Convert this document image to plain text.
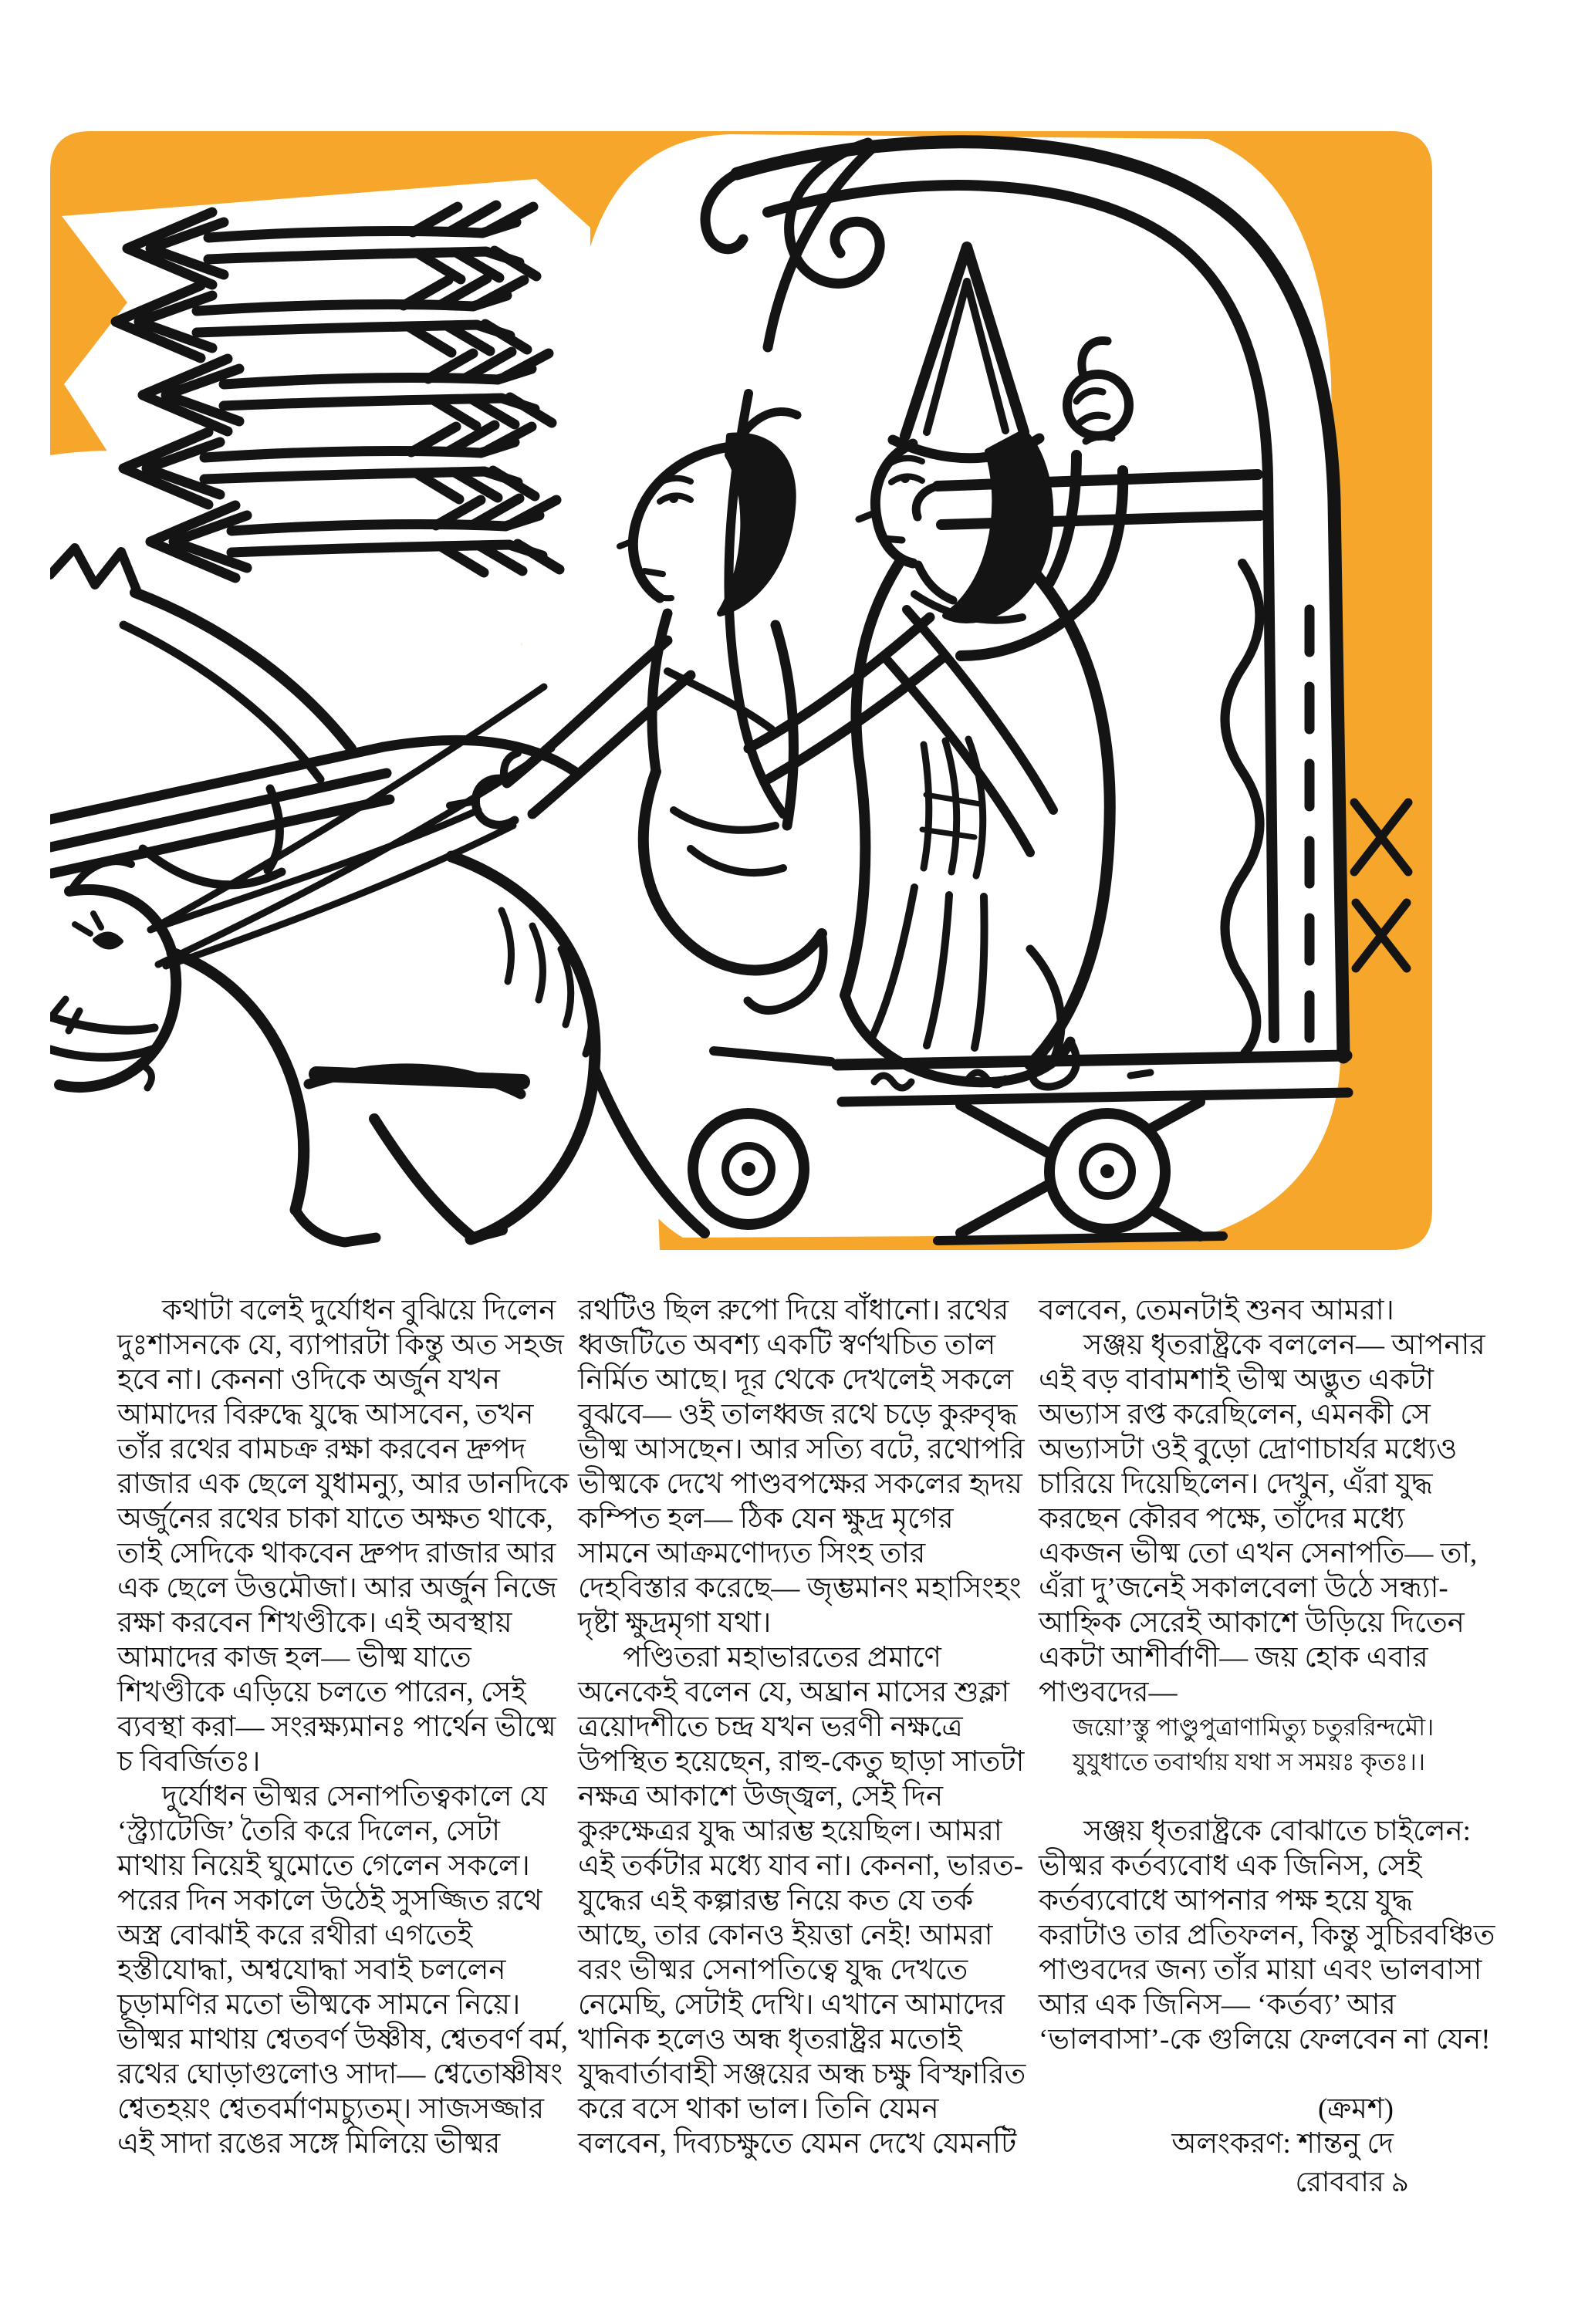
কথাটা বলেই দুর্যোধন বুঝিয়ে দিলেন
দুঃশাসনকে যে, ব্যাপারটা কিন্তু অত সহজ
হবে না। কেননা ওদিকে অর্জুন যখন
আমাদের বিরুদ্ধে যুদ্ধে আসবেন, তখন
তাঁর রথের বামচক্র রক্ষা করবেন দ্রুপদ
রাজার এক ছেলে যুধামন্যু, আর ডানদিকে
অর্জুনের রথের চাকা যাতে অক্ষত থাকে,
তাই সেদিকে থাকবেন দ্রুপদ রাজার আর
এক ছেলে উত্তমৌজা। আর অর্জুন নিজে
রক্ষা করবেন শিখণ্ডীকে। এই অবস্থায়
আমাদের কাজ হল— ভীষ্ম যাতে
শিখণ্ডীকে এড়িয়ে চলতে পারেন, সেই
ব্যবস্থা করা— সংরক্ষ্যমানঃ পার্থেন ভীষ্মে
চ বিবর্জিতঃ।
দুর্যোধন ভীষ্মর সেনাপতিত্বকালে যে
‘স্ট্র্যাটেজি’ তৈরি করে দিলেন, সেটা
মাথায় নিয়েই ঘুমোতে গেলেন সকলে।
পরের দিন সকালে উঠেই সুসজ্জিত রথে
অস্ত্র বোঝাই করে রথীরা এগতেই
হস্তীযোদ্ধা, অশ্বযোদ্ধা সবাই চললেন
চূড়ামণির মতো ভীষ্মকে সামনে নিয়ে।
ভীষ্মর মাথায় শ্বেতবর্ণ উষ্ণীষ, শ্বেতবর্ণ বর্ম,
রথের ঘোড়াগুলোও সাদা— শ্বেতোষ্ণীষং
শ্বেতহয়ং শ্বেতবর্মাণমচ্যুতম্। সাজসজ্জার
এই সাদা রঙের সঙ্গে মিলিয়ে ভীষ্মর
রথটিও ছিল রুপো দিয়ে বাঁধানো। রথের
ধ্বজটিতে অবশ্য একটি স্বর্ণখচিত তাল
নির্মিত আছে। দূর থেকে দেখলেই সকলে
বুঝবে— ওই তালধ্বজ রথে চড়ে কুরুবৃদ্ধ
ভীষ্ম আসছেন। আর সত্যি বটে, রথোপরি
ভীষ্মকে দেখে পাণ্ডবপক্ষের সকলের হৃদয়
কম্পিত হল— ঠিক যেন ক্ষুদ্র মৃগের
সামনে আক্রমণোদ্যত সিংহ তার
দেহবিস্তার করেছে— জৃম্ভমানং মহাসিংহং
দৃষ্টা ক্ষুদ্রমৃগা যথা।
পণ্ডিতরা মহাভারতের প্রমাণে
অনেকেই বলেন যে, অঘ্রান মাসের শুক্লা
ত্রয়োদশীতে চন্দ্র যখন ভরণী নক্ষত্রে
উপস্থিত হয়েছেন, রাহু-কেতু ছাড়া সাতটা
নক্ষত্র আকাশে উজ্জ্বল, সেই দিন
কুরুক্ষেত্রর যুদ্ধ আরম্ভ হয়েছিল। আমরা
এই তর্কটার মধ্যে যাব না। কেননা, ভারত-
যুদ্ধের এই কল্পারম্ভ নিয়ে কত যে তর্ক
আছে, তার কোনও ইয়ত্তা নেই! আমরা
বরং ভীষ্মর সেনাপতিত্বে যুদ্ধ দেখতে
নেমেছি, সেটাই দেখি। এখানে আমাদের
খানিক হলেও অন্ধ ধৃতরাষ্ট্রর মতোই
যুদ্ধবার্তাবাহী সঞ্জয়ের অন্ধ চক্ষু বিস্ফারিত
করে বসে থাকা ভাল। তিনি যেমন
বলবেন, দিব্যচক্ষুতে যেমন দেখে যেমনটি
বলবেন, তেমনটাই শুনব আমরা।
সঞ্জয় ধৃতরাষ্ট্রকে বললেন— আপনার
এই বড় বাবামশাই ভীষ্ম অদ্ভুত একটা
অভ্যাস রপ্ত করেছিলেন, এমনকী সে
অভ্যাসটা ওই বুড়ো দ্রোণাচার্যর মধ্যেও
চারিয়ে দিয়েছিলেন। দেখুন, এঁরা যুদ্ধ
করছেন কৌরব পক্ষে, তাঁদের মধ্যে
একজন ভীষ্ম তো এখন সেনাপতি— তা,
এঁরা দু’জনেই সকালবেলা উঠে সন্ধ্যা-
আহ্নিক সেরেই আকাশে উড়িয়ে দিতেন
একটা আশীর্বাণী— জয় হোক এবার
পাণ্ডবদের—
জয়ো’স্তু পাণ্ডুপুত্রাণামিত্যু চতুররিন্দমৌ।
যুযুধাতে তবার্থায় যথা স সময়ঃ কৃতঃ।।

সঞ্জয় ধৃতরাষ্ট্রকে বোঝাতে চাইলেন:
ভীষ্মর কর্তব্যবোধ এক জিনিস, সেই
কর্তব্যবোধে আপনার পক্ষ হয়ে যুদ্ধ
করাটাও তার প্রতিফলন, কিন্তু সুচিরবঞ্চিত
পাণ্ডবদের জন্য তাঁর মায়া এবং ভালবাসা
আর এক জিনিস— ‘কর্তব্য’ আর
‘ভালবাসা’-কে গুলিয়ে ফেলবেন না যেন!

(ক্রমশ)
অলংকরণ: শান্তনু দে
রোববার ৯
